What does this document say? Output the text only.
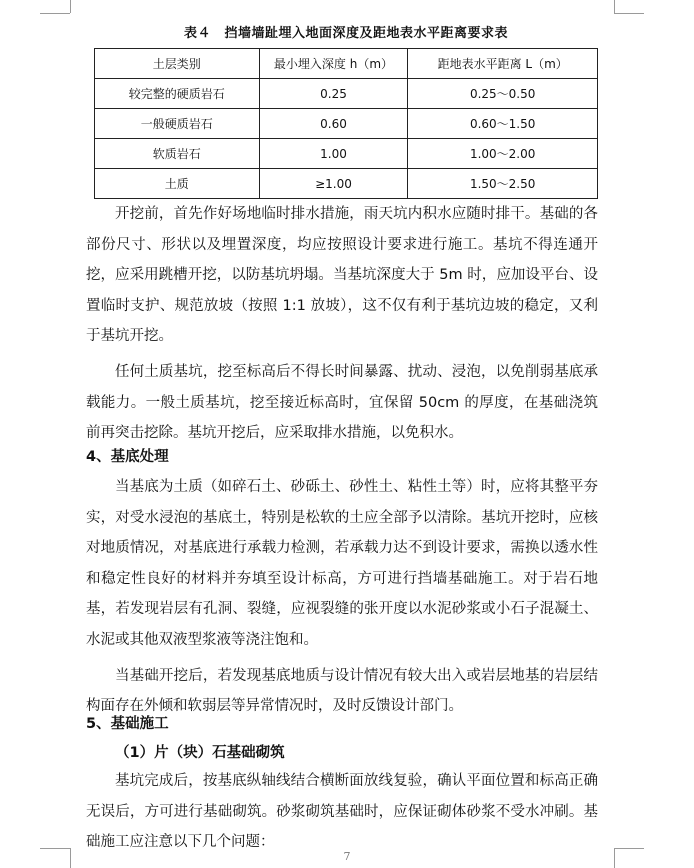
表４　挡墙墙趾埋入地面深度及距地表水平距离要求表
土层类别	最小埋入深度 h（m）	距地表水平距离 L（m）
较完整的硬质岩石	0.25	0.25～0.50
一般硬质岩石	0.60	0.60～1.50
软质岩石	1.00	1.00～2.00
土质	≥1.00	1.50～2.50

开挖前，首先作好场地临时排水措施，雨天坑内积水应随时排干。基础的各部份尺寸、形状以及埋置深度，均应按照设计要求进行施工。基坑不得连通开挖，应采用跳槽开挖，以防基坑坍塌。当基坑深度大于 5m 时，应加设平台、设置临时支护、规范放坡（按照 1:1 放坡），这不仅有利于基坑边坡的稳定，又利于基坑开挖。

任何土质基坑，挖至标高后不得长时间暴露、扰动、浸泡，以免削弱基底承载能力。一般土质基坑，挖至接近标高时，宜保留 50cm 的厚度，在基础浇筑前再突击挖除。基坑开挖后，应采取排水措施，以免积水。

4、基底处理

当基底为土质（如碎石土、砂砾土、砂性土、粘性土等）时，应将其整平夯实，对受水浸泡的基底土，特别是松软的土应全部予以清除。基坑开挖时，应核对地质情况，对基底进行承载力检测，若承载力达不到设计要求，需换以透水性和稳定性良好的材料并夯填至设计标高，方可进行挡墙基础施工。对于岩石地基，若发现岩层有孔洞、裂缝，应视裂缝的张开度以水泥砂浆或小石子混凝土、水泥或其他双液型浆液等浇注饱和。

当基础开挖后，若发现基底地质与设计情况有较大出入或岩层地基的岩层结构面存在外倾和软弱层等异常情况时，及时反馈设计部门。

5、基础施工
（1）片（块）石基础砌筑

基坑完成后，按基底纵轴线结合横断面放线复验，确认平面位置和标高正确无误后，方可进行基础砌筑。砂浆砌筑基础时，应保证砌体砂浆不受水冲刷。基础施工应注意以下几个问题：

7
